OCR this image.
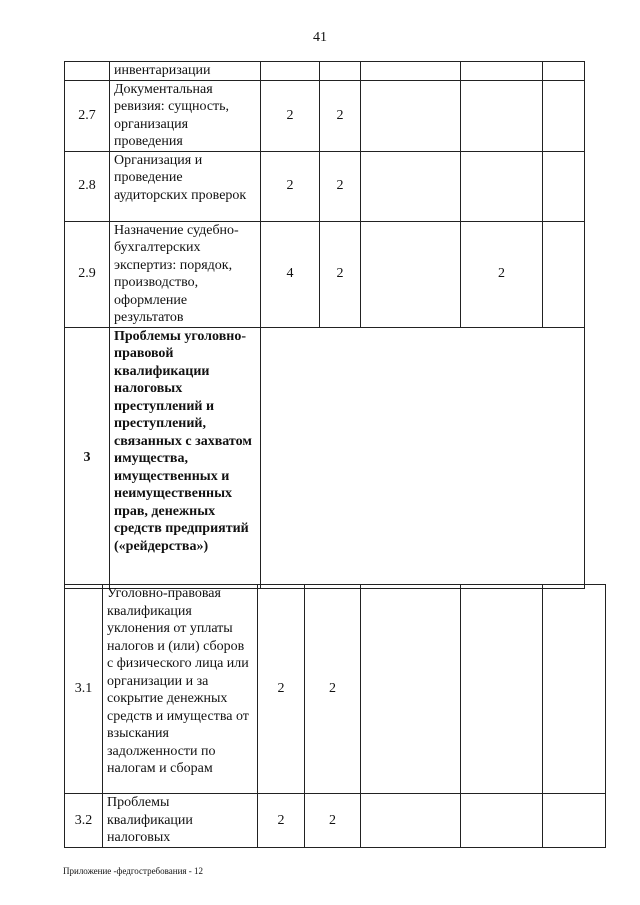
41
	инвентаризации					
2.7	Документальная ревизия: сущность, организация проведения	2	2			
2.8	Организация и проведение аудиторских проверок	2	2			
2.9	Назначение судебно-бухгалтерских экспертиз: порядок, производство, оформление результатов	4	2		2	
3	Проблемы уголовно-правовой квалификации налоговых преступлений и преступлений, связанных с захватом имущества, имущественных и неимущественных прав, денежных средств предприятий («рейдерства»)					
3.1	Уголовно-правовая квалификация уклонения от уплаты налогов и (или) сборов с физического лица или организации и за сокрытие денежных средств и имущества от взыскания задолженности по налогам и сборам	2	2			
3.2	Проблемы квалификации налоговых	2	2			
Приложение -федгостребования - 12
